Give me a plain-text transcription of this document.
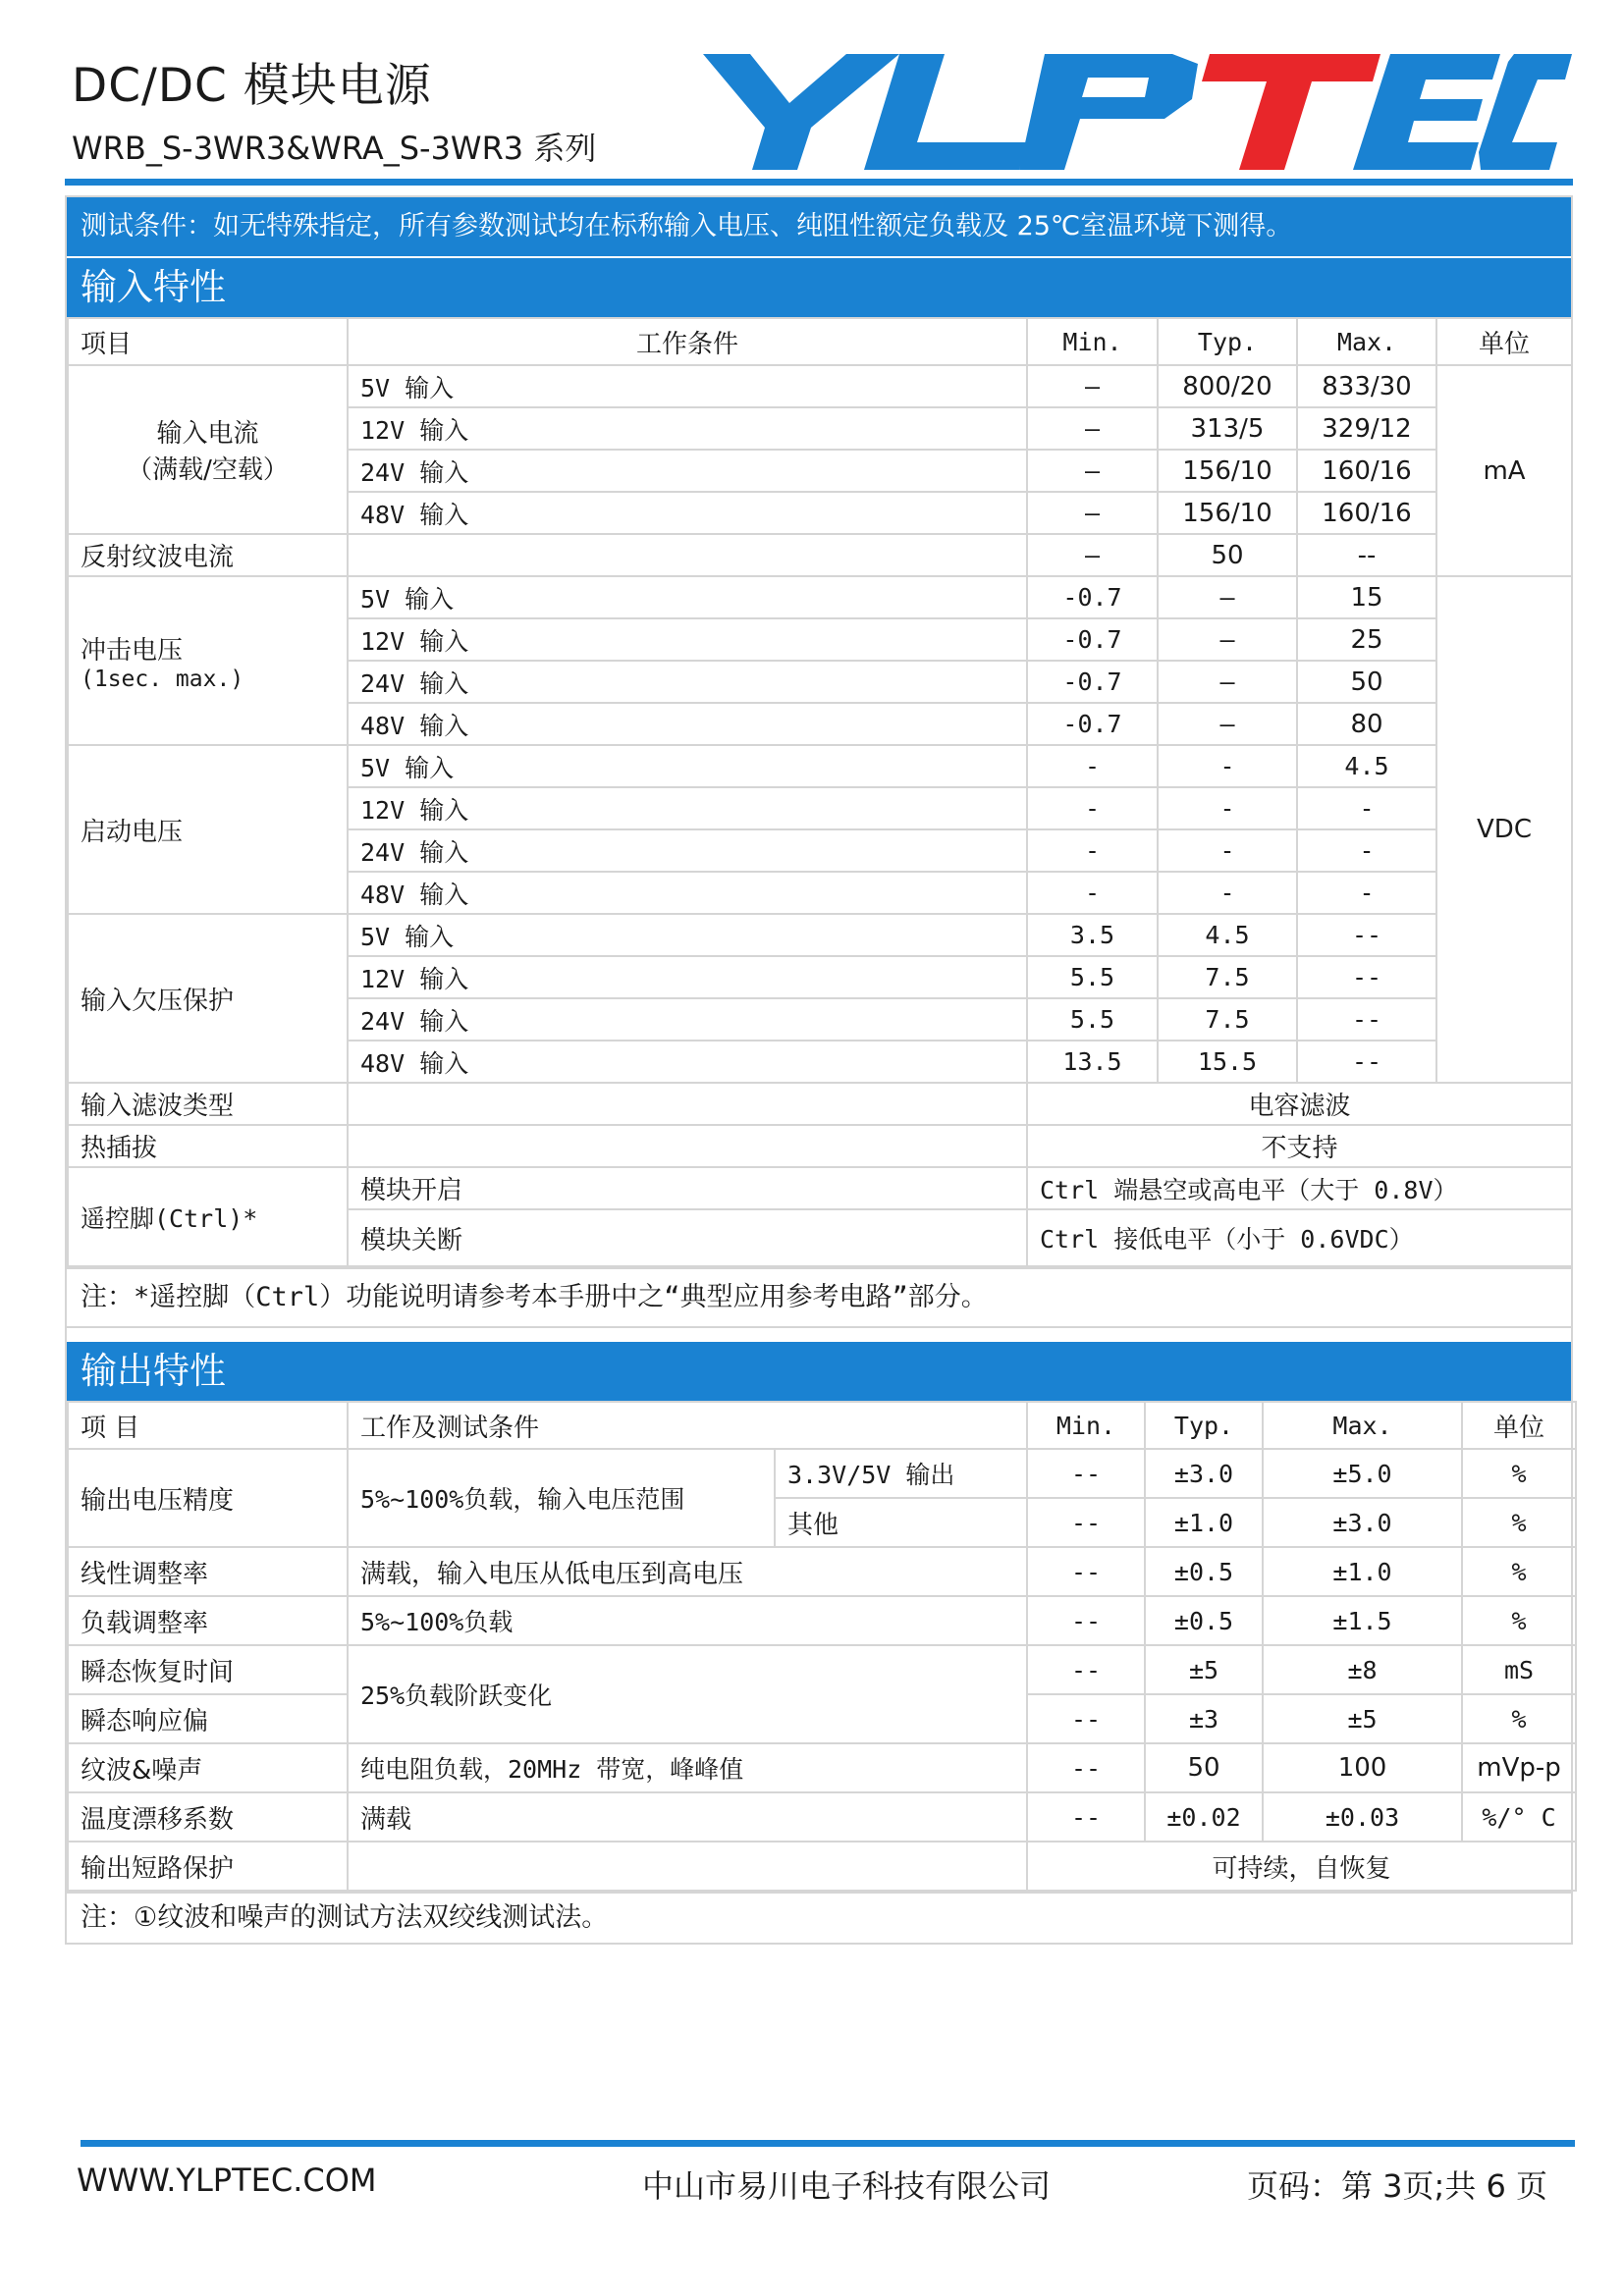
DC/DC 模块电源
WRB_S-3WR3&WRA_S-3WR3 系列
测试条件：如无特殊指定，所有参数测试均在标称输入电压、纯阻性额定负载及 25℃室温环境下测得。
输入特性
项目	工作条件	Min.	Typ.	Max.	单位

输入电流
（满载/空载）	5V 输入	—	800/20	833/30	mA
	12V 输入	—	313/5	329/12	
	24V 输入	—	156/10	160/16	
	48V 输入	—	156/10	160/16	
反射纹波电流		—	50	--	

冲击电压
(1sec. max.)	5V 输入	-0.7	—	15	VDC
	12V 输入	-0.7	—	25	
	24V 输入	-0.7	—	50	
	48V 输入	-0.7	—	80	
启动电压	5V 输入	-	-	4.5	
	12V 输入	-	-	-	
	24V 输入	-	-	-	
	48V 输入	-	-	-	
输入欠压保护	5V 输入	3.5	4.5	--	
	12V 输入	5.5	7.5	--	
	24V 输入	5.5	7.5	--	
	48V 输入	13.5	15.5	--	
输入滤波类型		电容滤波			
热插拔		不支持			
遥控脚(Ctrl)*	模块开启	Ctrl 端悬空或高电平（大于 0.8V）			
	模块关断	Ctrl 接低电平（小于 0.6VDC）			
注：*遥控脚（Ctrl）功能说明请参考本手册中之“典型应用参考电路”部分。
输出特性
项 目	工作及测试条件		Min.	Typ.	Max.	单位
输出电压精度	5%~100%负载，输入电压范围	3.3V/5V 输出	--	±3.0	±5.0	%
		其他	--	±1.0	±3.0	%
线性调整率	满载，输入电压从低电压到高电压		--	±0.5	±1.0	%
负载调整率	5%~100%负载		--	±0.5	±1.5	%
瞬态恢复时间	25%负载阶跃变化		--	±5	±8	mS
瞬态响应偏			--	±3	±5	%
纹波&噪声	纯电阻负载，20MHz 带宽，峰峰值		--	50	100	mVp-p
温度漂移系数	满载		--	±0.02	±0.03	%/° C
输出短路保护			可持续，自恢复			
注：①纹波和噪声的测试方法双绞线测试法。
WWW.YLPTEC.COM	中山市易川电子科技有限公司	页码：第 3页;共 6 页
